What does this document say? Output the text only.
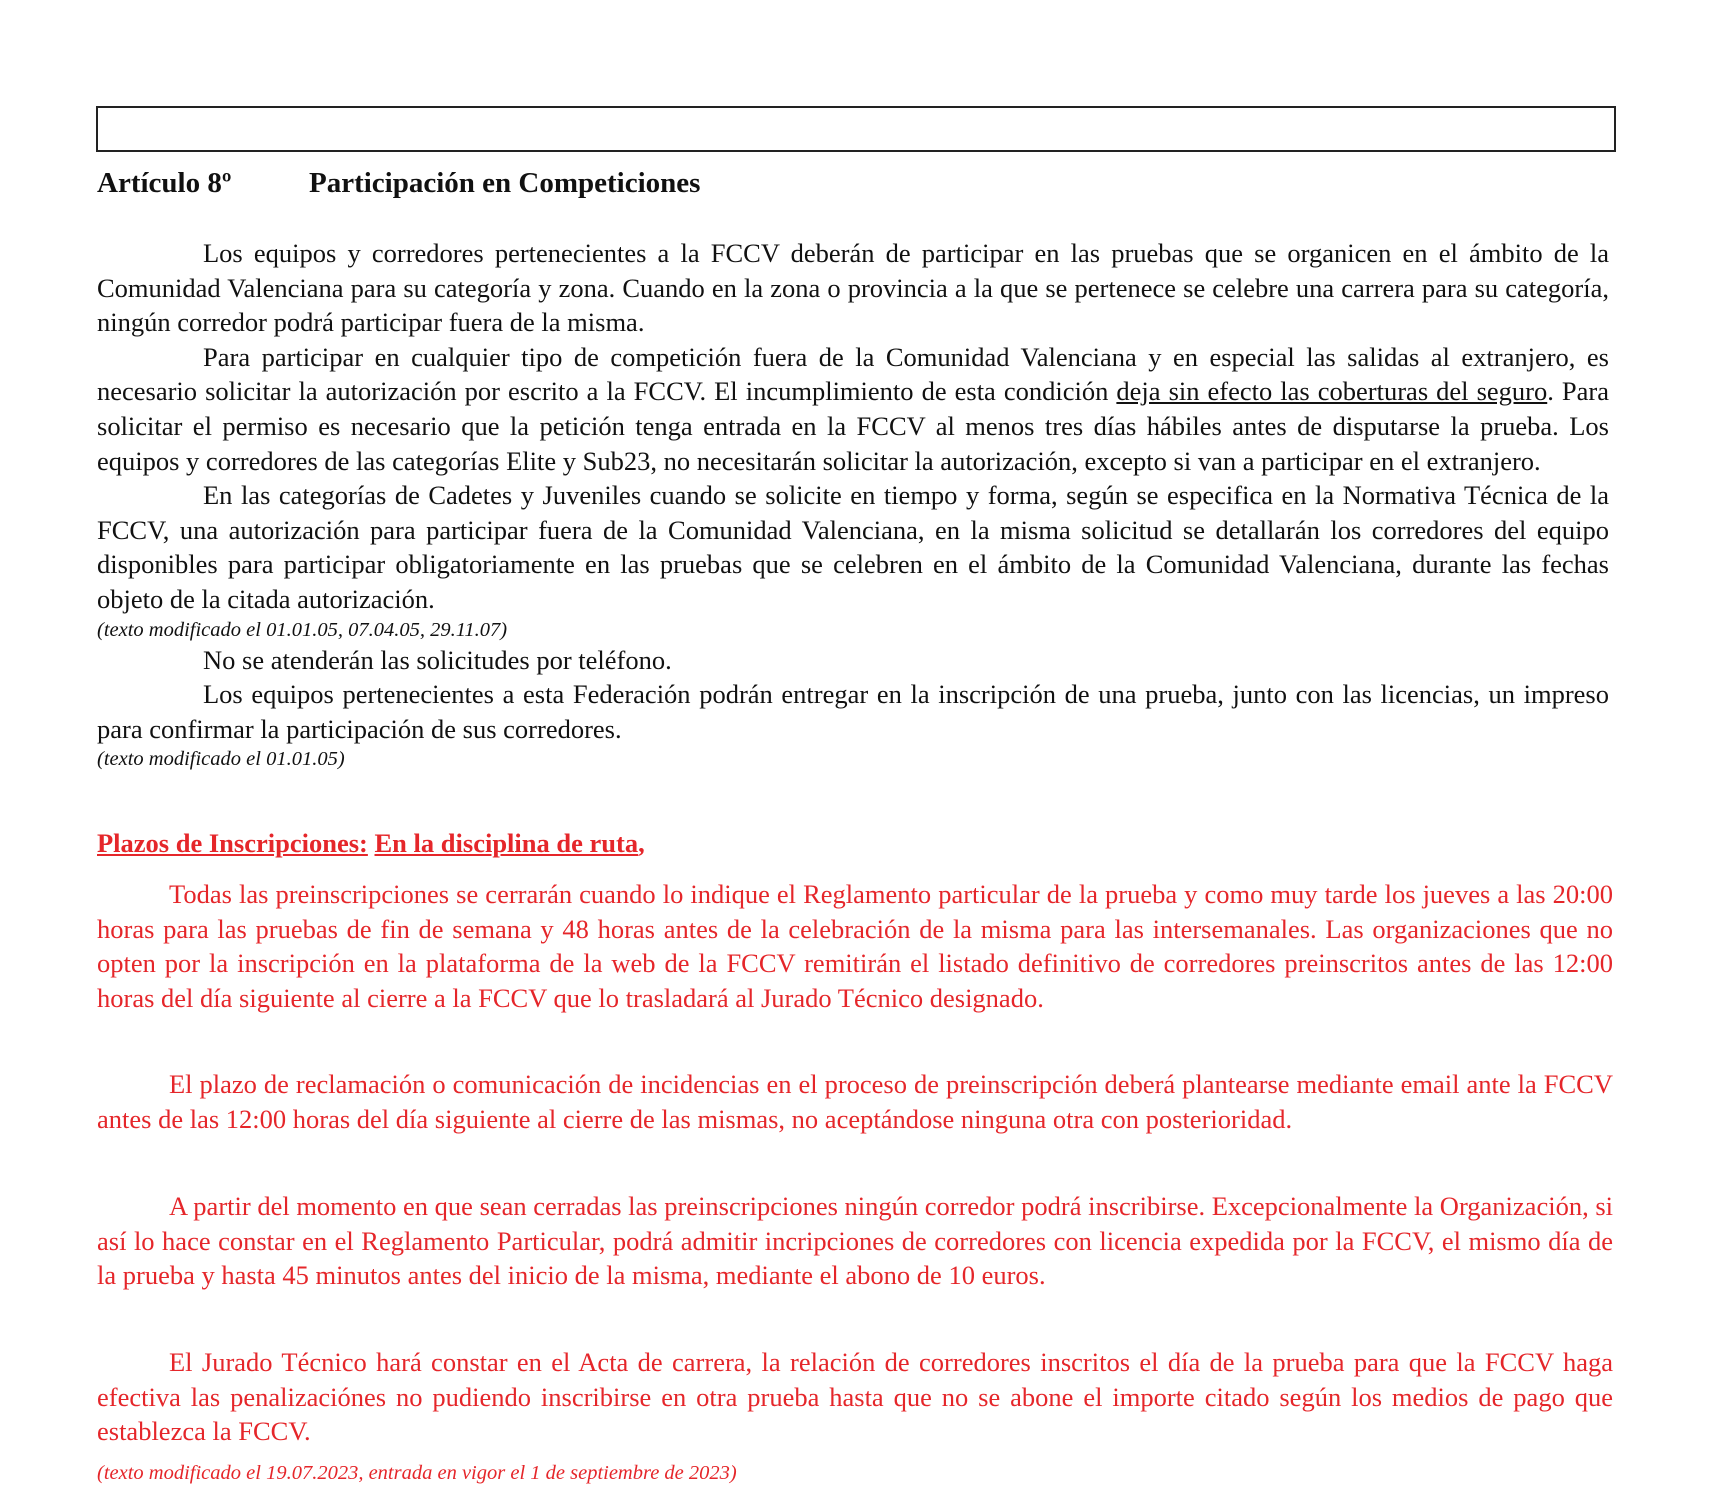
Artículo 8º	Participación en Competiciones

Los equipos y corredores pertenecientes a la FCCV deberán de participar en las pruebas que se organicen en el ámbito de la Comunidad Valenciana para su categoría y zona. Cuando en la zona o provincia a la que se pertenece se celebre una carrera para su categoría, ningún corredor podrá participar fuera de la misma.

Para participar en cualquier tipo de competición fuera de la Comunidad Valenciana y en especial las salidas al extranjero, es necesario solicitar la autorización por escrito a la FCCV. El incumplimiento de esta condición deja sin efecto las coberturas del seguro. Para solicitar el permiso es necesario que la petición tenga entrada en la FCCV al menos tres días hábiles antes de disputarse la prueba. Los equipos y corredores de las categorías Elite y Sub23, no necesitarán solicitar la autorización, excepto si van a participar en el extranjero.

En las categorías de Cadetes y Juveniles cuando se solicite en tiempo y forma, según se especifica en la Normativa Técnica de la FCCV, una autorización para participar fuera de la Comunidad Valenciana, en la misma solicitud se detallarán los corredores del equipo disponibles para participar obligatoriamente en las pruebas que se celebren en el ámbito de la Comunidad Valenciana, durante las fechas objeto de la citada autorización.

(texto modificado el 01.01.05, 07.04.05, 29.11.07)

No se atenderán las solicitudes por teléfono.

Los equipos pertenecientes a esta Federación podrán entregar en la inscripción de una prueba, junto con las licencias, un impreso para confirmar la participación de sus corredores.

(texto modificado el 01.01.05)

Plazos de Inscripciones: En la disciplina de ruta,

Todas las preinscripciones se cerrarán cuando lo indique el Reglamento particular de la prueba y como muy tarde los jueves a las 20:00 horas para las pruebas de fin de semana y 48 horas antes de la celebración de la misma para las intersemanales. Las organizaciones que no opten por la inscripción en la plataforma de la web de la FCCV remitirán el listado definitivo de corredores preinscritos antes de las 12:00 horas del día siguiente al cierre a la FCCV que lo trasladará al Jurado Técnico designado.

El plazo de reclamación o comunicación de incidencias en el proceso de preinscripción deberá plantearse mediante email ante la FCCV antes de las 12:00 horas del día siguiente al cierre de las mismas, no aceptándose ninguna otra con posterioridad.

A partir del momento en que sean cerradas las preinscripciones ningún corredor podrá inscribirse. Excepcionalmente la Organización, si así lo hace constar en el Reglamento Particular, podrá admitir incripciones de corredores con licencia expedida por la FCCV, el mismo día de la prueba y hasta 45 minutos antes del inicio de la misma, mediante el abono de 10 euros.

El Jurado Técnico hará constar en el Acta de carrera, la relación de corredores inscritos el día de la prueba para que la FCCV haga efectiva las penalizaciónes no pudiendo inscribirse en otra prueba hasta que no se abone el importe citado según los medios de pago que establezca la FCCV.

(texto modificado el 19.07.2023, entrada en vigor el 1 de septiembre de 2023)
